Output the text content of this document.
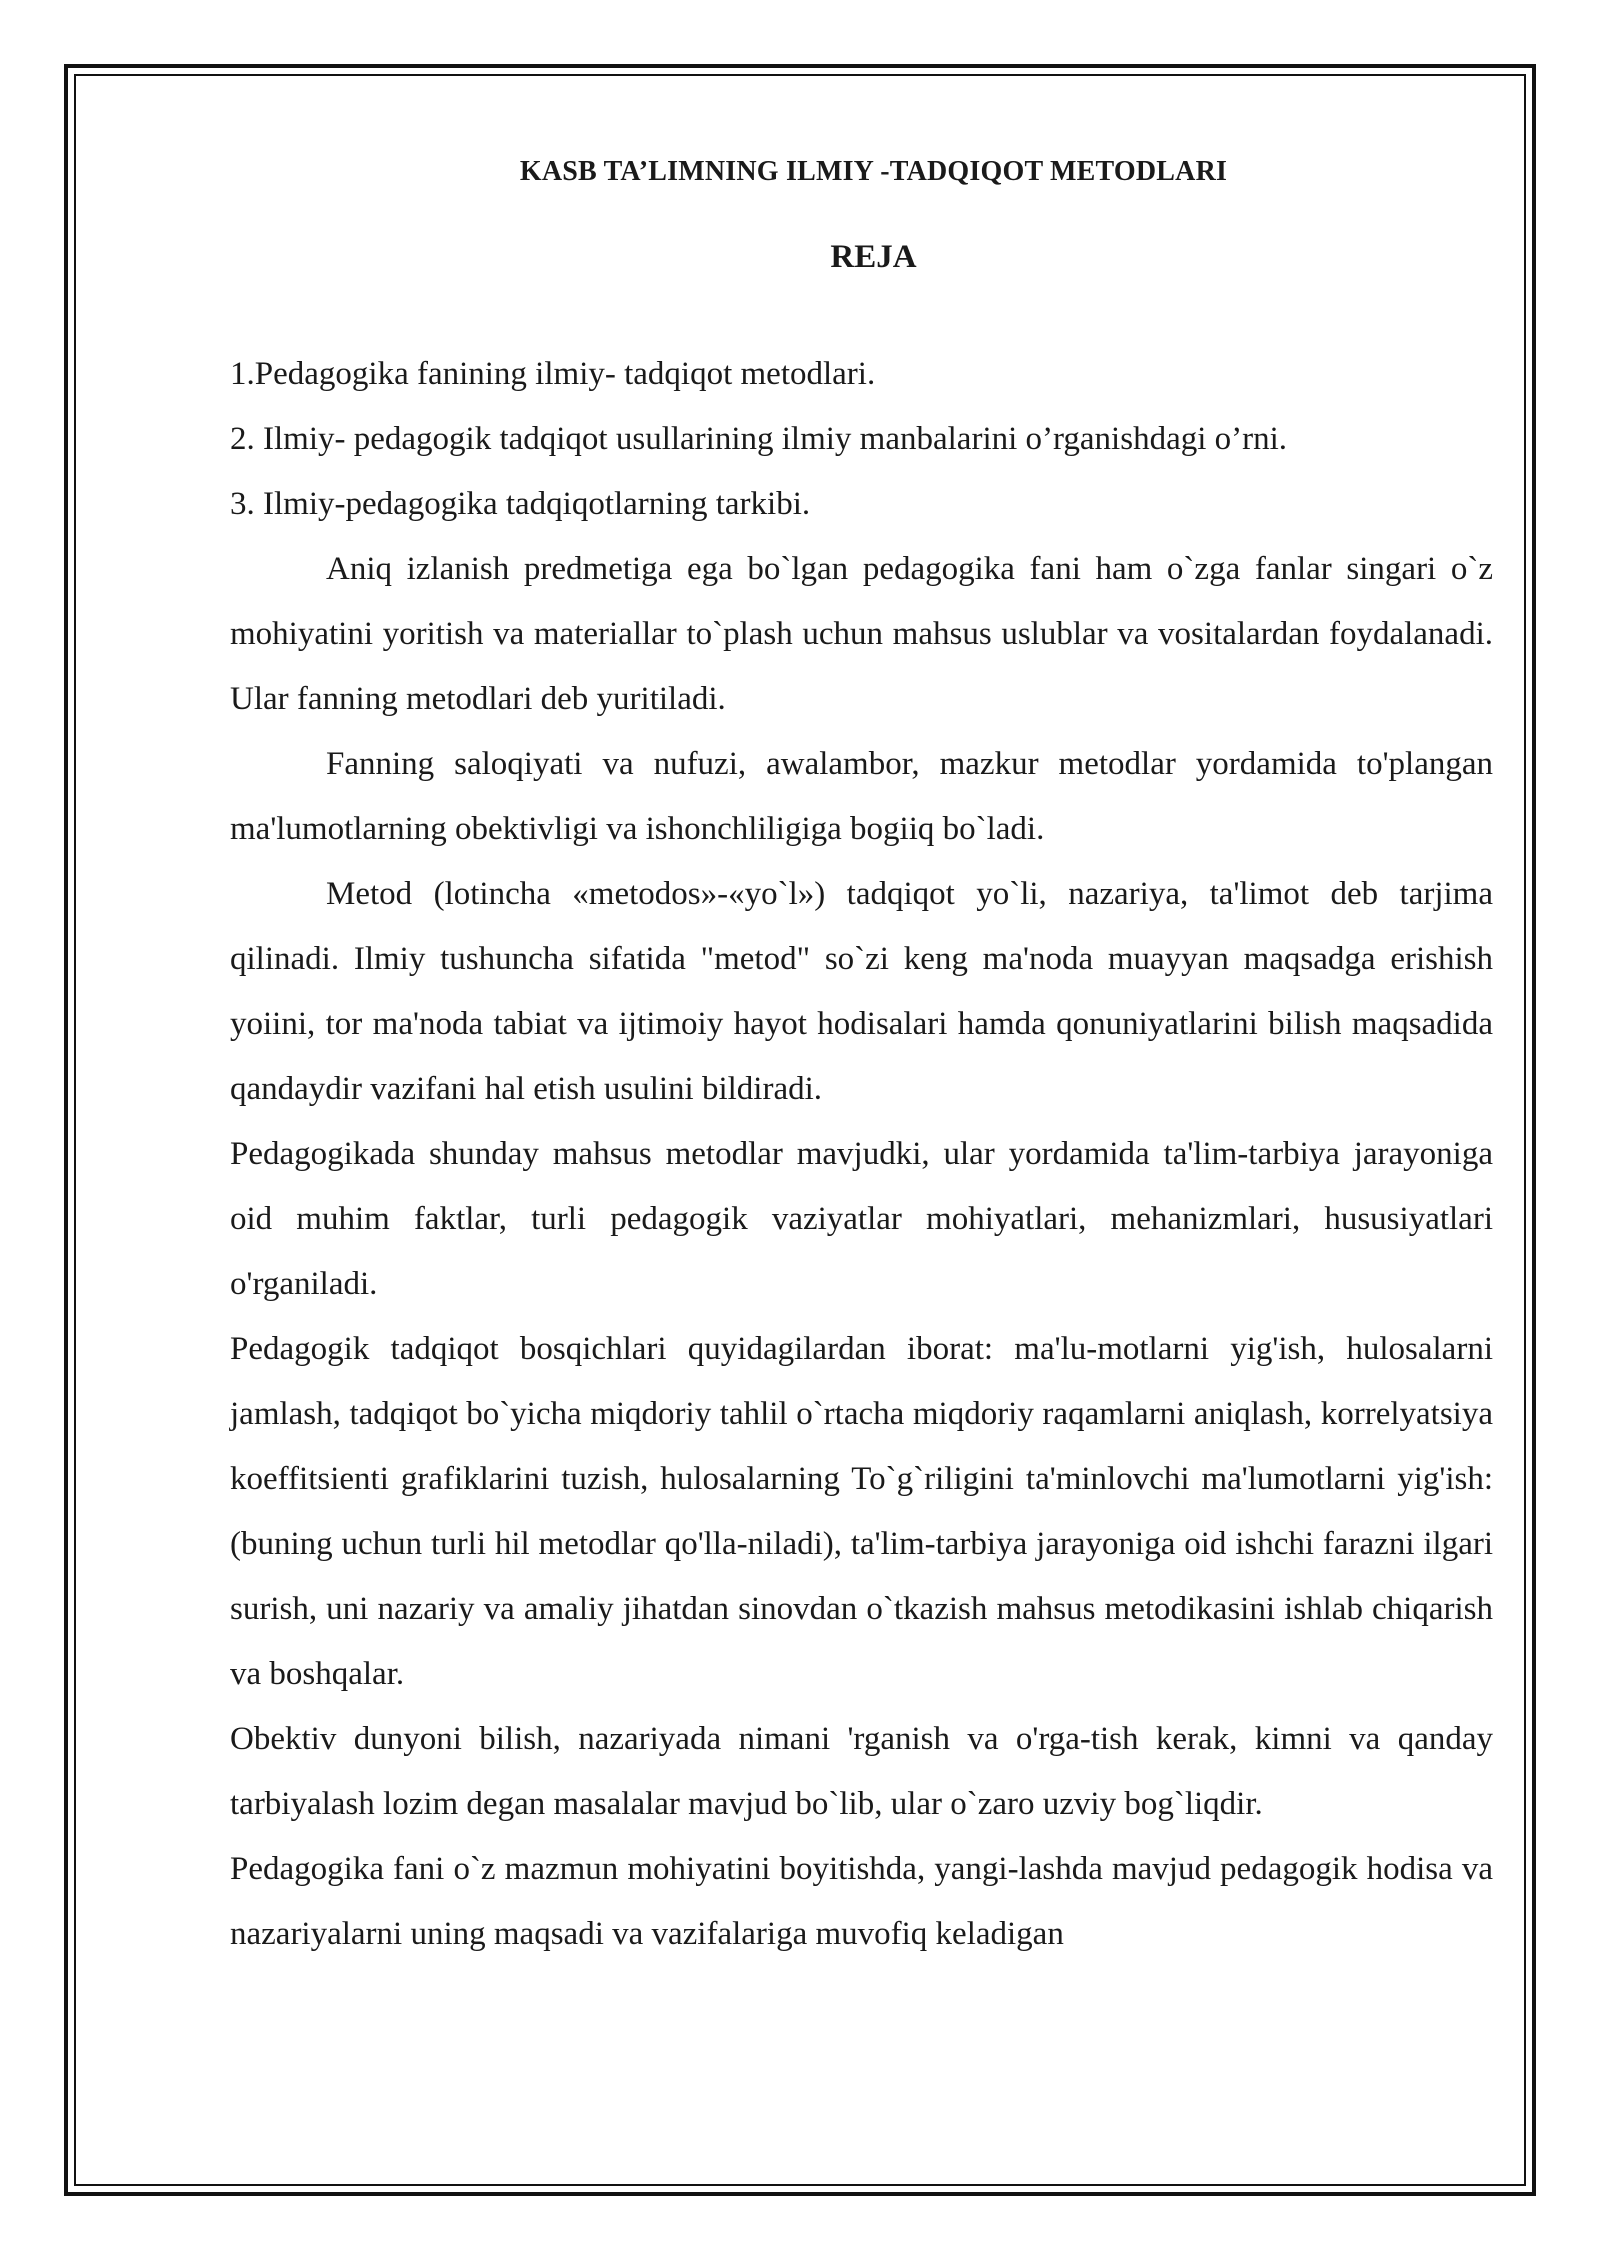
KASB TA’LIMNING ILMIY -TADQIQOT METODLARI
REJA

1.Pedagogika fanining ilmiy- tadqiqot metodlari.

2. Ilmiy- pedagogik tadqiqot usullarining ilmiy manbalarini o’rganishdagi o’rni.

3. Ilmiy-pedagogika tadqiqotlarning tarkibi.

Aniq izlanish predmetiga ega bo`lgan pedagogika fani ham o`zga fanlar singari o`z mohiyatini yoritish va materiallar to`plash uchun mahsus uslublar va vositalardan foydalanadi. Ular fanning metodlari deb yuritiladi.

Fanning saloqiyati va nufuzi, awalambor, mazkur metodlar yordamida to'plangan ma'lumotlarning obektivligi va ishonchliligiga bogiiq bo`ladi.

Metod (lotincha «metodos»-«yo`l») tadqiqot yo`li, nazariya, ta'limot deb tarjima qilinadi. Ilmiy tushuncha sifatida "metod" so`zi keng ma'noda muayyan maqsadga erishish yoiini, tor ma'noda tabiat va ijtimoiy hayot hodisalari hamda qonuniyatlarini bilish maqsadida qandaydir vazifani hal etish usulini bildiradi.

Pedagogikada shunday mahsus metodlar mavjudki, ular yordamida ta'lim-tarbiya jarayoniga oid muhim faktlar, turli pedagogik vaziyatlar mohiyatlari, mehanizmlari, hususiyatlari o'rganiladi.

Pedagogik tadqiqot bosqichlari quyidagilardan iborat: ma'lu-motlarni yig'ish, hulosalarni jamlash, tadqiqot bo`yicha miqdoriy tahlil o`rtacha miqdoriy raqamlarni aniqlash, korrelyatsiya koeffitsienti grafiklarini tuzish, hulosalarning To`g`riligini ta'minlovchi ma'lumotlarni yig'ish: (buning uchun turli hil metodlar qo'lla-niladi), ta'lim-tarbiya jarayoniga oid ishchi farazni ilgari surish, uni nazariy va amaliy jihatdan sinovdan o`tkazish mahsus metodikasini ishlab chiqarish va boshqalar.

Obektiv dunyoni bilish, nazariyada nimani 'rganish va o'rga-tish kerak, kimni va qanday tarbiyalash lozim degan masalalar mavjud bo`lib, ular o`zaro uzviy bog`liqdir.

Pedagogika fani o`z mazmun mohiyatini boyitishda, yangi-lashda mavjud pedagogik hodisa va nazariyalarni uning maqsadi va vazifalariga muvofiq keladigan
